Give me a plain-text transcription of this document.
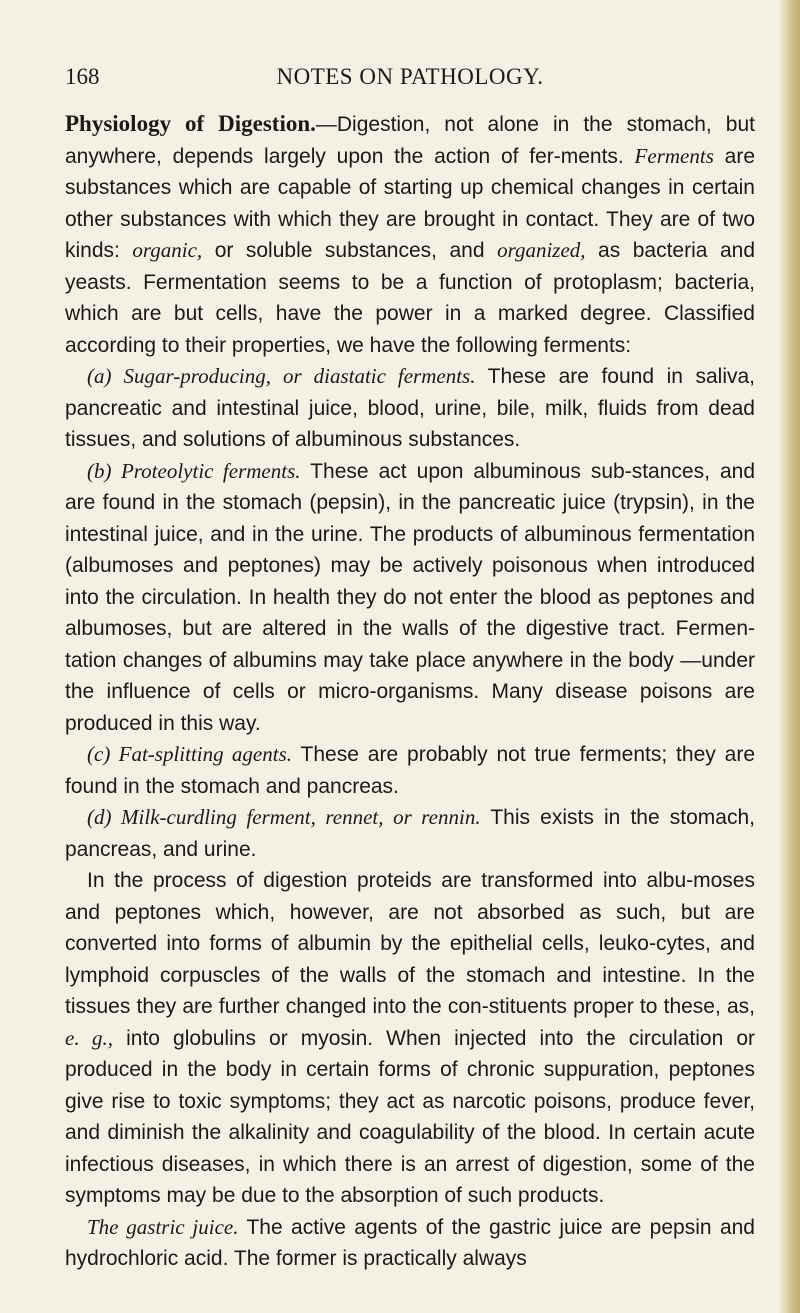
168	NOTES ON PATHOLOGY.

Physiology of Digestion.—Digestion, not alone in the stomach, but anywhere, depends largely upon the action of fer-ments. Ferments are substances which are capable of starting up chemical changes in certain other substances with which they are brought in contact. They are of two kinds: organic, or soluble substances, and organized, as bacteria and yeasts. Fermentation seems to be a function of protoplasm; bacteria, which are but cells, have the power in a marked degree. Classified according to their properties, we have the following ferments:

(a) Sugar-producing, or diastatic ferments. These are found in saliva, pancreatic and intestinal juice, blood, urine, bile, milk, fluids from dead tissues, and solutions of albuminous substances.

(b) Proteolytic ferments. These act upon albuminous sub-stances, and are found in the stomach (pepsin), in the pancreatic juice (trypsin), in the intestinal juice, and in the urine. The products of albuminous fermentation (albumoses and peptones) may be actively poisonous when introduced into the circulation. In health they do not enter the blood as peptones and albumoses, but are altered in the walls of the digestive tract. Fermen-tation changes of albumins may take place anywhere in the body —under the influence of cells or micro-organisms. Many disease poisons are produced in this way.

(c) Fat-splitting agents. These are probably not true ferments; they are found in the stomach and pancreas.

(d) Milk-curdling ferment, rennet, or rennin. This exists in the stomach, pancreas, and urine.

In the process of digestion proteids are transformed into albu-moses and peptones which, however, are not absorbed as such, but are converted into forms of albumin by the epithelial cells, leuko-cytes, and lymphoid corpuscles of the walls of the stomach and intestine. In the tissues they are further changed into the con-stituents proper to these, as, e. g., into globulins or myosin. When injected into the circulation or produced in the body in certain forms of chronic suppuration, peptones give rise to toxic symptoms; they act as narcotic poisons, produce fever, and diminish the alkalinity and coagulability of the blood. In certain acute infectious diseases, in which there is an arrest of digestion, some of the symptoms may be due to the absorption of such products.

The gastric juice. The active agents of the gastric juice are pepsin and hydrochloric acid. The former is practically always
